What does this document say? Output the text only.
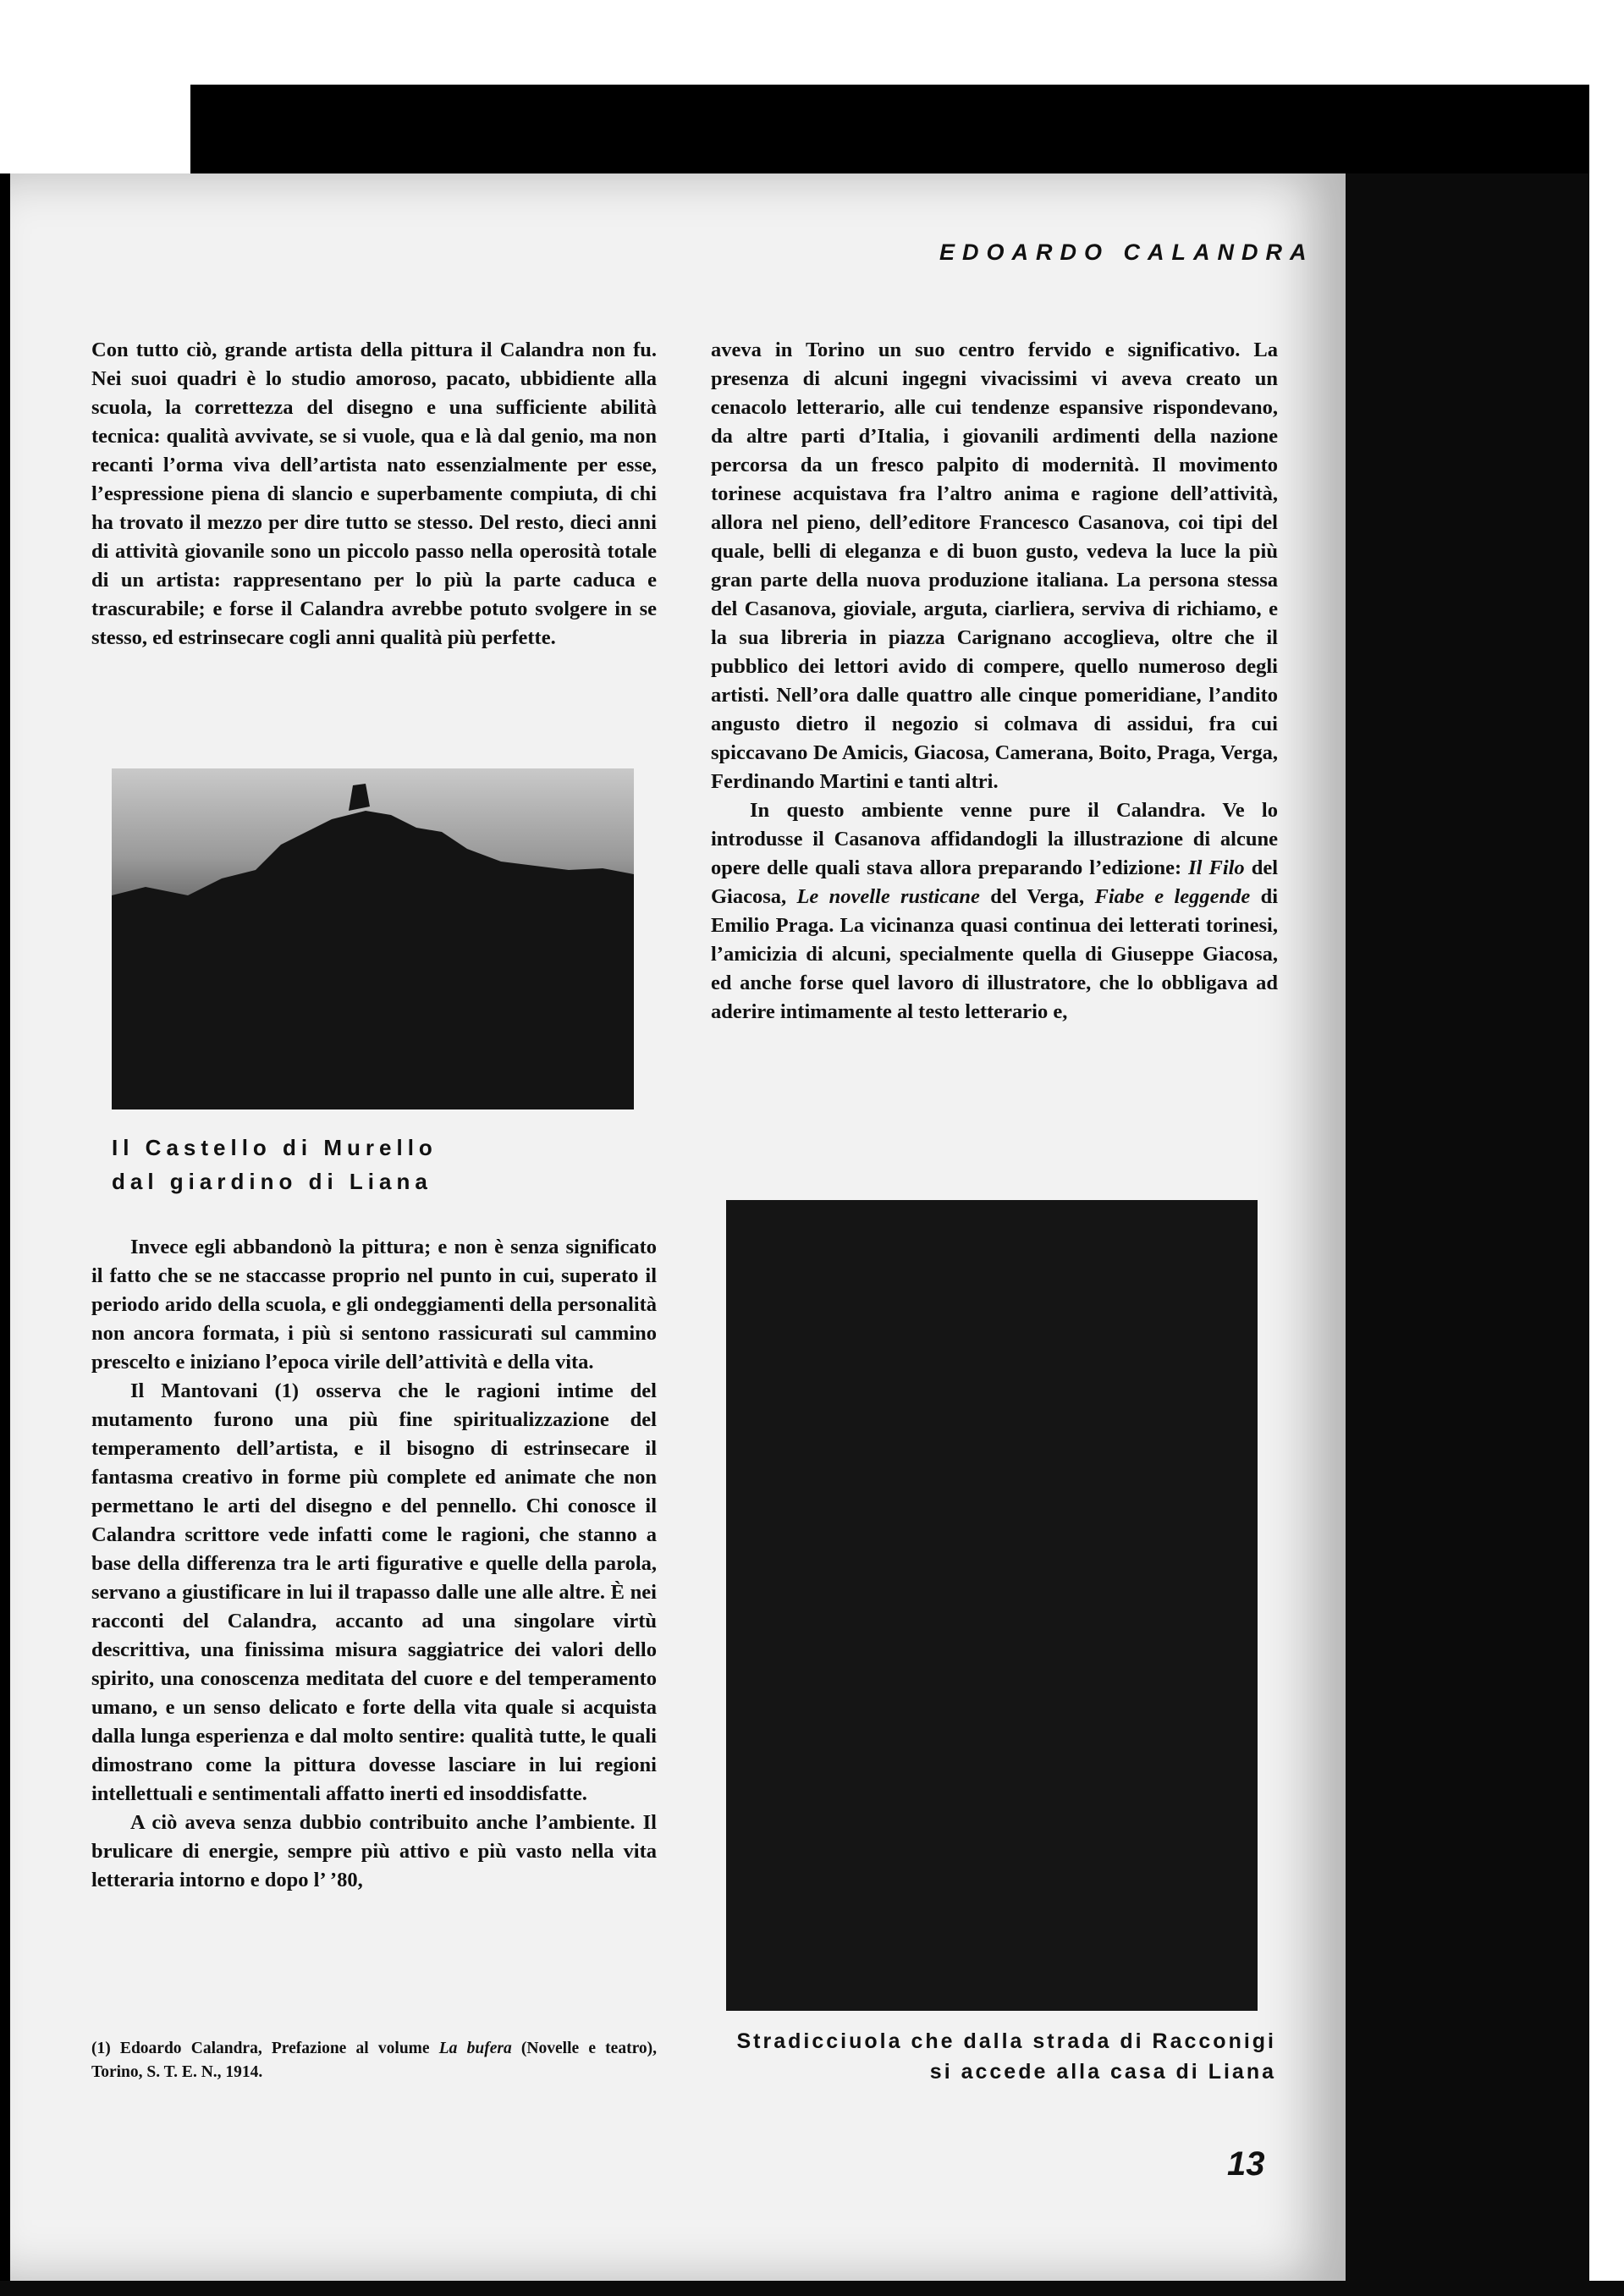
EDOARDO CALANDRA

Con tutto ciò, grande artista della pittura il Calandra non fu. Nei suoi quadri è lo studio amoroso, pacato, ubbidiente alla scuola, la correttezza del disegno e una sufficiente abilità tecnica: qualità avvivate, se si vuole, qua e là dal genio, ma non recanti l’orma viva dell’artista nato essenzialmente per esse, l’espressione piena di slancio e superbamente compiuta, di chi ha trovato il mezzo per dire tutto se stesso. Del resto, dieci anni di attività giovanile sono un piccolo passo nella operosità totale di un artista: rappresentano per lo più la parte caduca e trascurabile; e forse il Calandra avrebbe potuto svolgere in se stesso, ed estrinsecare cogli anni qualità più perfette.

Il Castello di Murello
dal giardino di Liana

Invece egli abbandonò la pittura; e non è senza significato il fatto che se ne staccasse proprio nel punto in cui, superato il periodo arido della scuola, e gli ondeggiamenti della personalità non ancora formata, i più si sentono rassicurati sul cammino prescelto e iniziano l’epoca virile dell’attività e della vita.

Il Mantovani (1) osserva che le ragioni intime del mutamento furono una più fine spiritualizzazione del temperamento dell’artista, e il bisogno di estrinsecare il fantasma creativo in forme più complete ed animate che non permettano le arti del disegno e del pennello. Chi conosce il Calandra scrittore vede infatti come le ragioni, che stanno a base della differenza tra le arti figurative e quelle della parola, servano a giustificare in lui il trapasso dalle une alle altre. È nei racconti del Calandra, accanto ad una singolare virtù descrittiva, una finissima misura saggiatrice dei valori dello spirito, una conoscenza meditata del cuore e del temperamento umano, e un senso delicato e forte della vita quale si acquista dalla lunga esperienza e dal molto sentire: qualità tutte, le quali dimostrano come la pittura dovesse lasciare in lui regioni intellettuali e sentimentali affatto inerti ed insoddisfatte.

A ciò aveva senza dubbio contribuito anche l’ambiente. Il brulicare di energie, sempre più attivo e più vasto nella vita letteraria intorno e dopo l’ ’80,

(1) Edoardo Calandra, Prefazione al volume La bufera (Novelle e teatro), Torino, S. T. E. N., 1914.

aveva in Torino un suo centro fervido e significativo. La presenza di alcuni ingegni vivacissimi vi aveva creato un cenacolo letterario, alle cui tendenze espansive rispondevano, da altre parti d’Italia, i giovanili ardimenti della nazione percorsa da un fresco palpito di modernità. Il movimento torinese acquistava fra l’altro anima e ragione dell’attività, allora nel pieno, dell’editore Francesco Casanova, coi tipi del quale, belli di eleganza e di buon gusto, vedeva la luce la più gran parte della nuova produzione italiana. La persona stessa del Casanova, gioviale, arguta, ciarliera, serviva di richiamo, e la sua libreria in piazza Carignano accoglieva, oltre che il pubblico dei lettori avido di compere, quello numeroso degli artisti. Nell’ora dalle quattro alle cinque pomeridiane, l’andito angusto dietro il negozio si colmava di assidui, fra cui spiccavano De Amicis, Giacosa, Camerana, Boito, Praga, Verga, Ferdinando Martini e tanti altri.

In questo ambiente venne pure il Calandra. Ve lo introdusse il Casanova affidandogli la illustrazione di alcune opere delle quali stava allora preparando l’edizione: Il Filo del Giacosa, Le novelle rusticane del Verga, Fiabe e leggende di Emilio Praga. La vicinanza quasi continua dei letterati torinesi, l’amicizia di alcuni, specialmente quella di Giuseppe Giacosa, ed anche forse quel lavoro di illustratore, che lo obbligava ad aderire intimamente al testo letterario e,

Stradicciuola che dalla strada di Racconigi
si accede alla casa di Liana
13
